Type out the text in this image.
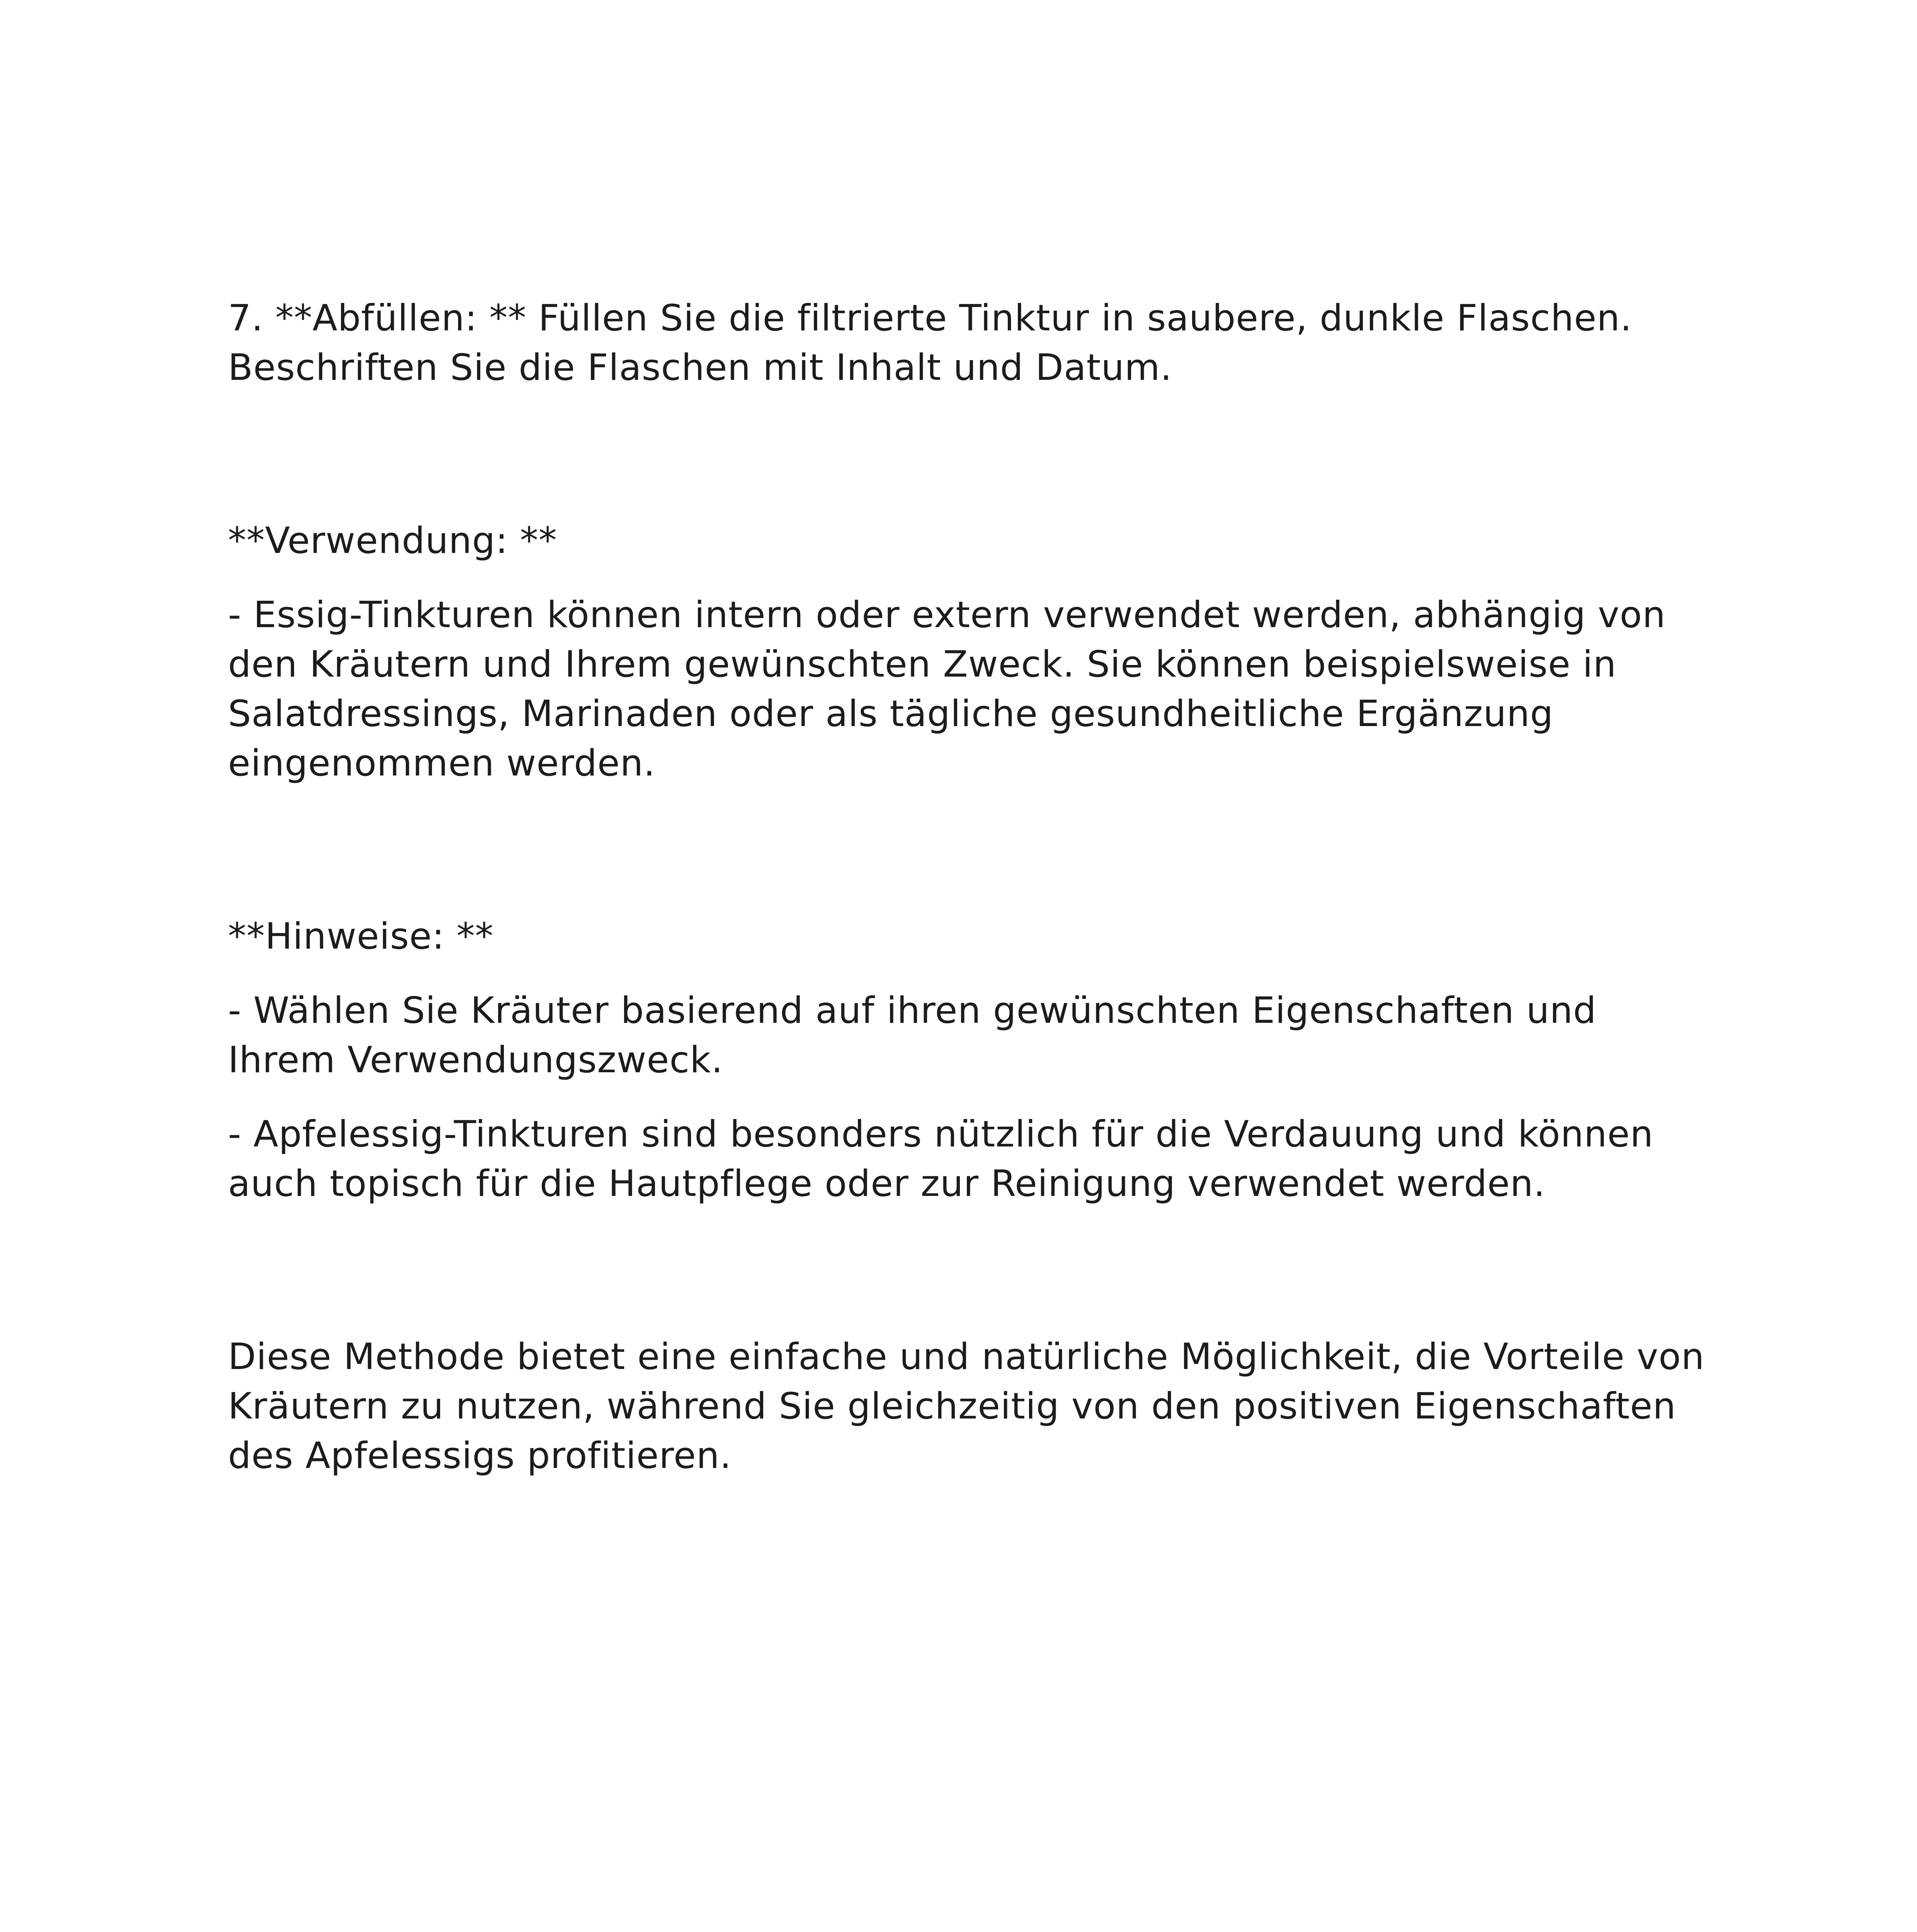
7. **Abfüllen: ** Füllen Sie die filtrierte Tinktur in saubere, dunkle Flaschen. Beschriften Sie die Flaschen mit Inhalt und Datum.

**Verwendung: **

- Essig-Tinkturen können intern oder extern verwendet werden, abhängig von den Kräutern und Ihrem gewünschten Zweck. Sie können beispielsweise in Salatdressings, Marinaden oder als tägliche gesundheitliche Ergänzung eingenommen werden.

**Hinweise: **

- Wählen Sie Kräuter basierend auf ihren gewünschten Eigenschaften und Ihrem Verwendungszweck.

- Apfelessig-Tinkturen sind besonders nützlich für die Verdauung und können auch topisch für die Hautpflege oder zur Reinigung verwendet werden.

Diese Methode bietet eine einfache und natürliche Möglichkeit, die Vorteile von Kräutern zu nutzen, während Sie gleichzeitig von den positiven Eigenschaften des Apfelessigs profitieren.
